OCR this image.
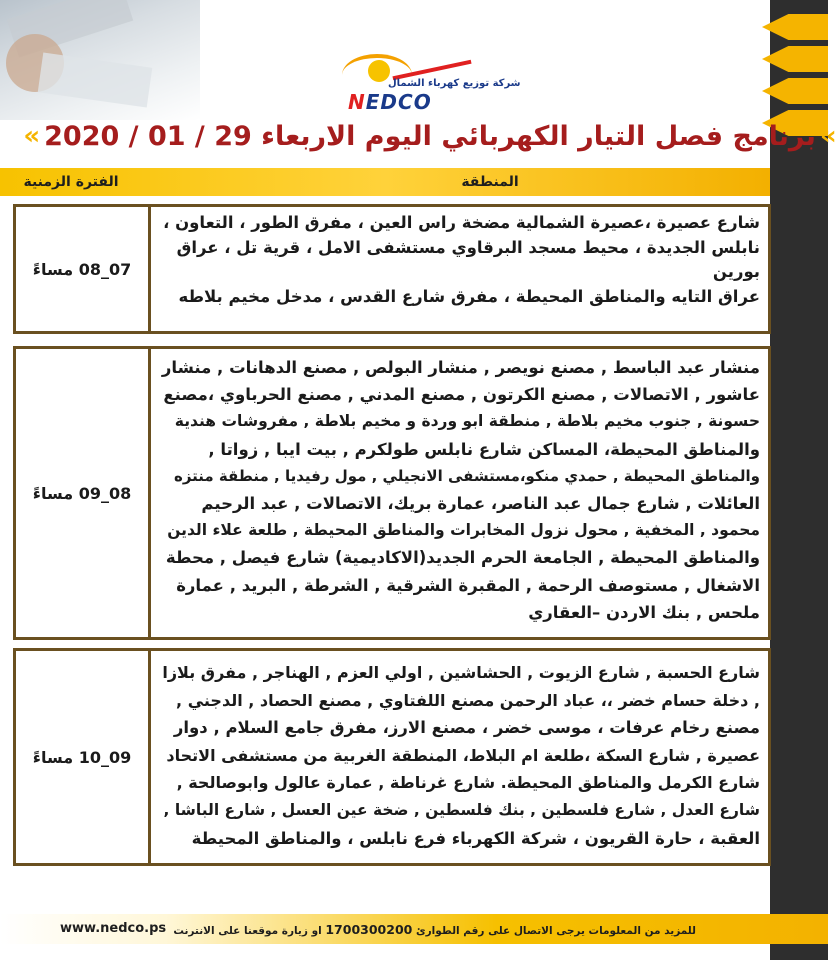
شركة توزيع كهرباء الشمال
NEDCO
»
برنامج فصل التيار الكهربائي اليوم الاربعاء 29 / 01 / 2020
»
المنطقة
الفترة الزمنية
07_08 مساءً
شارع عصيرة ،عصيرة الشمالية مضخة راس العين ، مفرق الطور ، التعاون ،
نابلس الجديدة ، محيط مسجد البرقاوي مستشفى الامل ، قرية تل ، عراق
بورين
عراق التايه والمناطق المحيطة ، مفرق شارع القدس ، مدخل مخيم بلاطه
08_09 مساءً
منشار عبد الباسط , مصنع نويصر , منشار البولص , مصنع الدهانات , منشار
عاشور , الاتصالات , مصنع الكرتون , مصنع المدني , مصنع الحرباوي ،مصنع
حسونة , جنوب مخيم بلاطة , منطقة ابو وردة و مخيم بلاطة , مفروشات هندية
والمناطق المحيطة، المساكن شارع نابلس طولكرم , بيت ايبا , زواتا ,
والمناطق المحيطة , حمدي منكو،مستشفى الانجيلي , مول رفيديا , منطقة منتزه
العائلات , شارع جمال عبد الناصر، عمارة بريك، الاتصالات , عبد الرحيم
محمود , المخفية , محول نزول المخابرات والمناطق المحيطة , طلعة علاء الدين
والمناطق المحيطة , الجامعة الحرم الجديد(الاكاديمية) شارع فيصل , محطة
الاشغال , مستوصف الرحمة , المقبرة الشرقية , الشرطة , البريد , عمارة
ملحس , بنك الاردن –العقاري
09_10 مساءً
شارع الحسبة , شارع الزيوت , الحشاشين , اولي العزم , الهناجر , مفرق بلازا
, دخلة حسام خضر ،، عباد الرحمن مصنع اللفتاوي , مصنع الحصاد , الدجني ,
مصنع رخام عرفات ، موسى خضر ، مصنع الارز، مفرق جامع السلام , دوار
عصيرة , شارع السكة ،طلعة ام البلاط، المنطقة الغربية من مستشفى الاتحاد
شارع الكرمل والمناطق المحيطة. شارع غرناطة , عمارة عالول وابوصالحة ,
شارع العدل , شارع فلسطين , بنك فلسطين , ضخة عين العسل , شارع الباشا ,
العقبة ، حارة القريون ، شركة الكهرباء فرع نابلس ، والمناطق المحيطة
www.nedco.ps	للمزيد من المعلومات يرجى الاتصال على رقم الطوارئ 1700300200 او زيارة موقعنا على الانترنت
